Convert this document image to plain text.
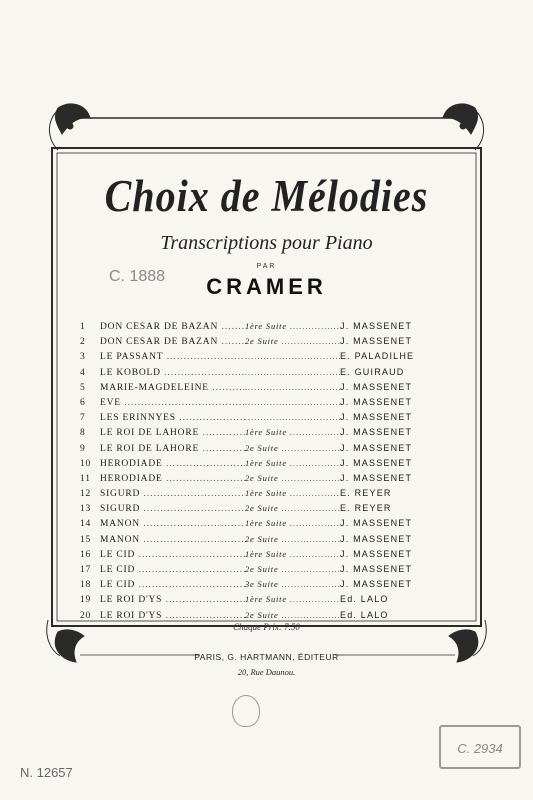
Choix de Mélodies
Transcriptions pour Piano
PAR
CRAMER
C. 1888
1	DON CÉSAR DE BAZAN .....	1ère Suite .....	J. MASSENET
2	DON CÉSAR DE BAZAN .....	2e Suite .....	J. MASSENET
3	LE PASSANT ..... .....	E. PALADILHE
4	LE KOBOLD ..... .....	E. GUIRAUD
5	MARIE-MAGDELEINE ..... .....	J. MASSENET
6	ÈVE ..... .....	J. MASSENET
7	LES ÉRINNYES ..... .....	J. MASSENET
8	LE ROI DE LAHORE .....	1ère Suite .....	J. MASSENET
9	LE ROI DE LAHORE .....	2e Suite .....	J. MASSENET
10 HÉRODIADE .....	1ère Suite .....	J. MASSENET
11 HÉRODIADE .....	2e Suite .....	J. MASSENET
12 SIGURD .....	1ère Suite .....	E. REYER
13 SIGURD .....	2e Suite .....	E. REYER
14 MANON .....	1ère Suite .....	J. MASSENET
15 MANON .....	2e Suite .....	J. MASSENET
16 LE CID .....	1ère Suite .....	J. MASSENET
17 LE CID .....	2e Suite .....	J. MASSENET
18 LE CID .....	3e Suite .....	J. MASSENET
19 LE ROI D'YS .....	1ère Suite .....	Ed. LALO
20 LE ROI D'YS .....	2e Suite .....	Ed. LALO
Chaque Prix: 7.50
PARIS, G. HARTMANN, ÉDITEUR
20, Rue Daunou.
C. 2934
N. 12657
